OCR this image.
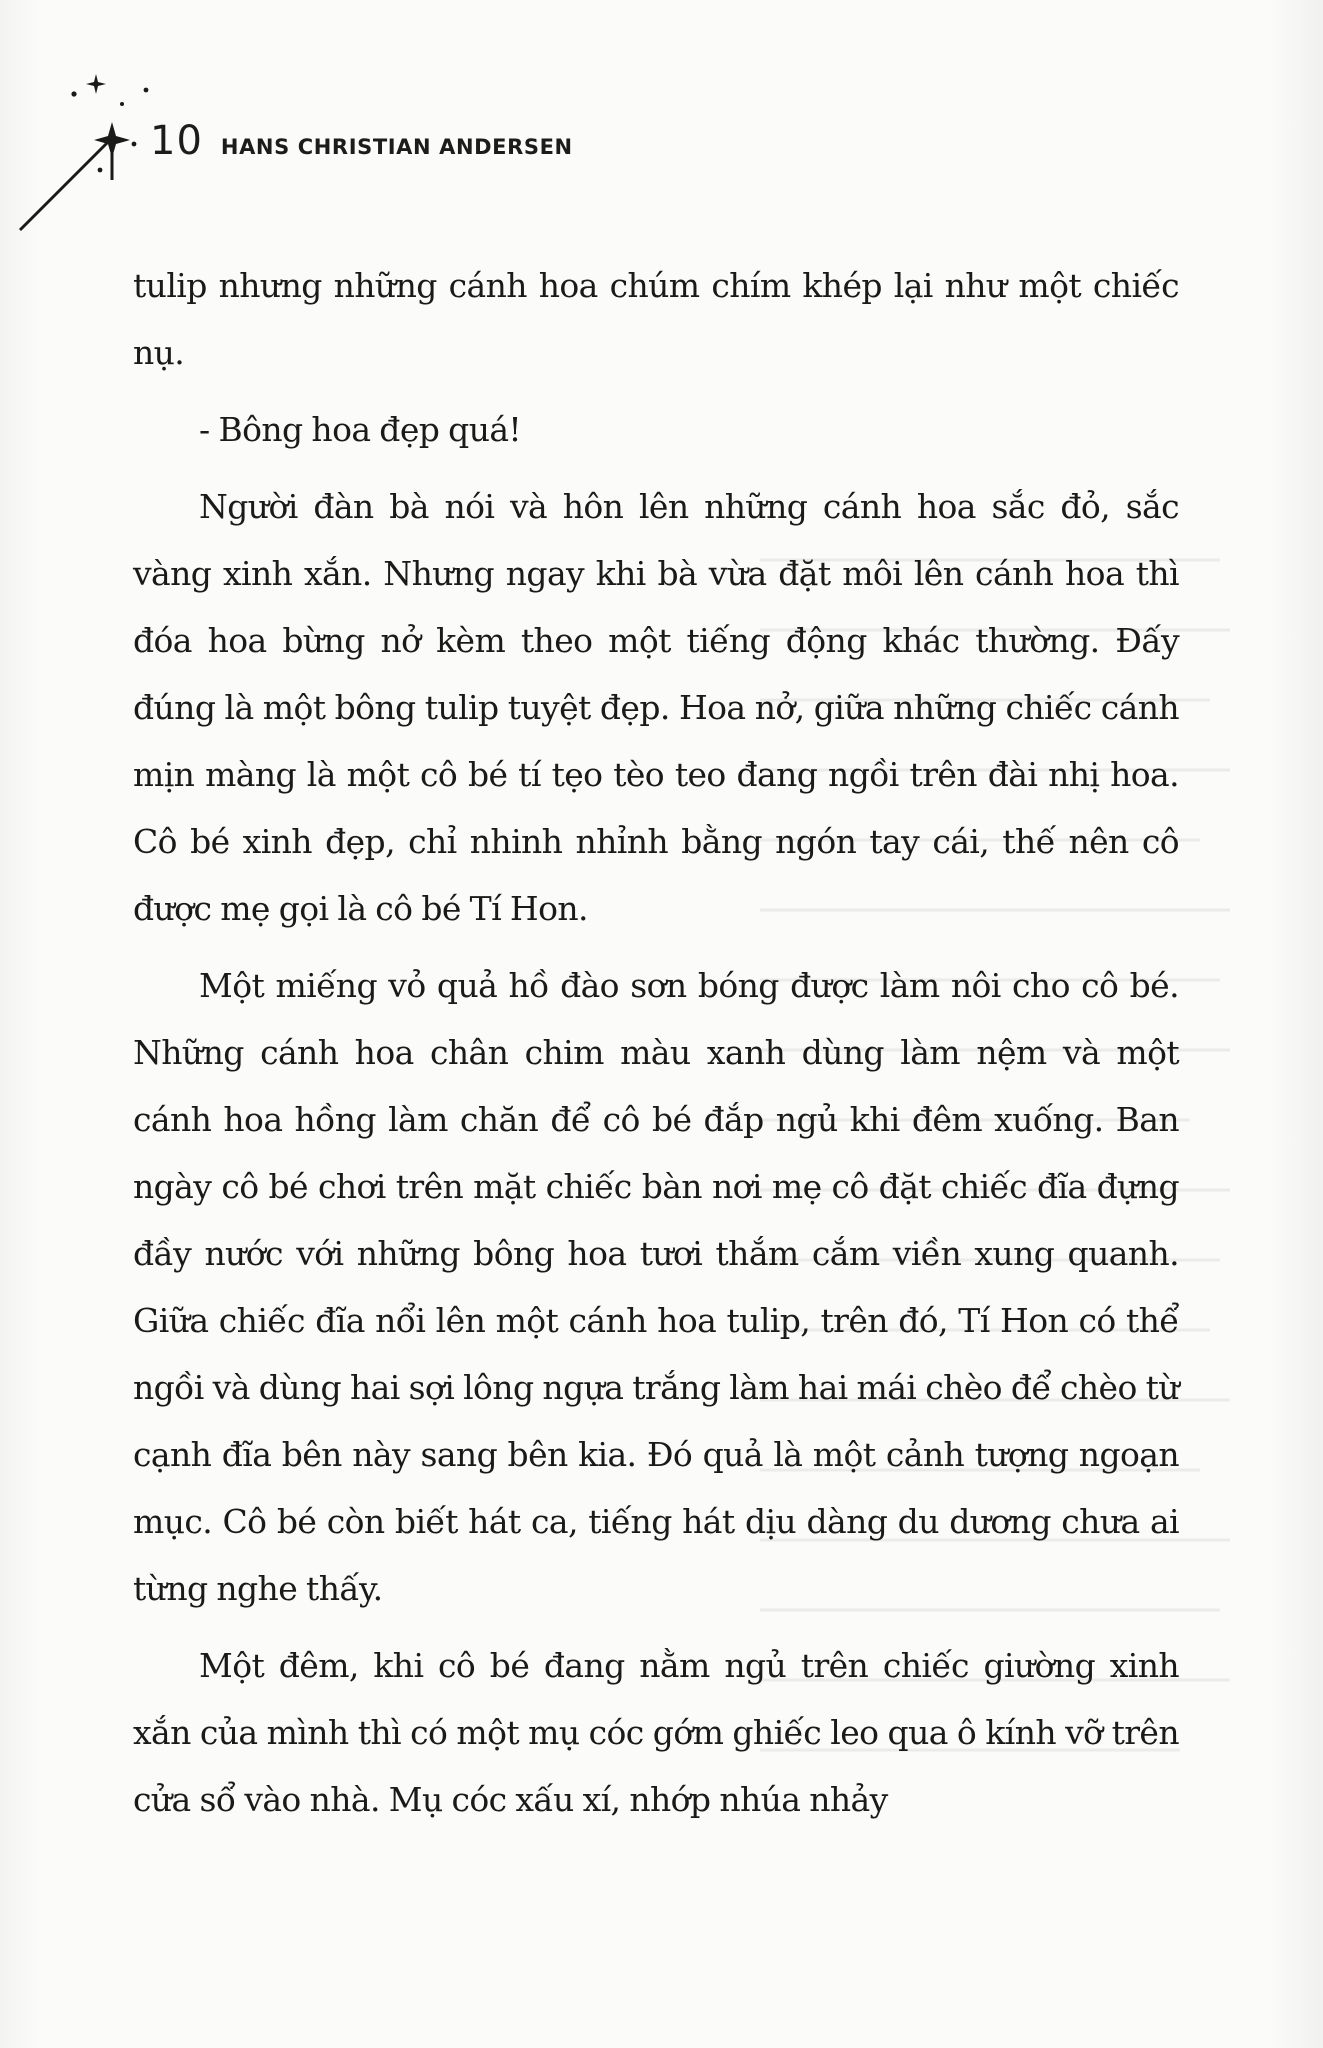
10 HANS CHRISTIAN ANDERSEN

tulip nhưng những cánh hoa chúm chím khép lại như một chiếc nụ.

- Bông hoa đẹp quá!

Người đàn bà nói và hôn lên những cánh hoa sắc đỏ, sắc vàng xinh xắn. Nhưng ngay khi bà vừa đặt môi lên cánh hoa thì đóa hoa bừng nở kèm theo một tiếng động khác thường. Đấy đúng là một bông tulip tuyệt đẹp. Hoa nở, giữa những chiếc cánh mịn màng là một cô bé tí tẹo tèo teo đang ngồi trên đài nhị hoa. Cô bé xinh đẹp, chỉ nhinh nhỉnh bằng ngón tay cái, thế nên cô được mẹ gọi là cô bé Tí Hon.

Một miếng vỏ quả hồ đào sơn bóng được làm nôi cho cô bé. Những cánh hoa chân chim màu xanh dùng làm nệm và một cánh hoa hồng làm chăn để cô bé đắp ngủ khi đêm xuống. Ban ngày cô bé chơi trên mặt chiếc bàn nơi mẹ cô đặt chiếc đĩa đựng đầy nước với những bông hoa tươi thắm cắm viền xung quanh. Giữa chiếc đĩa nổi lên một cánh hoa tulip, trên đó, Tí Hon có thể ngồi và dùng hai sợi lông ngựa trắng làm hai mái chèo để chèo từ cạnh đĩa bên này sang bên kia. Đó quả là một cảnh tượng ngoạn mục. Cô bé còn biết hát ca, tiếng hát dịu dàng du dương chưa ai từng nghe thấy.

Một đêm, khi cô bé đang nằm ngủ trên chiếc giường xinh xắn của mình thì có một mụ cóc gớm ghiếc leo qua ô kính vỡ trên cửa sổ vào nhà. Mụ cóc xấu xí, nhớp nhúa nhảy
